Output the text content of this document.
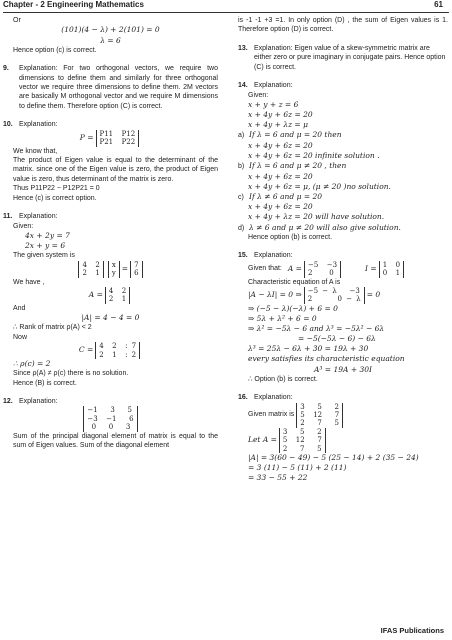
Chapter - 2 Engineering Mathematics	61
Or
(101)(4 − λ) + 2(101) = 0
λ = 6
Hence option (c) is correct.
9.	Explanation: For two orthogonal vectors, we require two dimensions to define them and similarly for three orthogonal vector we require three dimensions to define them. 2M vectors are basically M orthogonal vector and we require M dimensions to define them. Therefore option (C) is correct.

10. Explanation:
P = P11  P12
P21  P22
We know that,

The product of Eigen value is equal to the determinant of the matrix. since one of the Eigen value is zero, the product of Eigen value is zero, thus determinant of the matrix is zero.

Thus P11P22 − P12P21 = 0
Hence (c) is correct option.
11. Explanation:
Given:
4x + 2y = 7
2x + y = 6
The given system is
4  2
2  1
x
y
= 7
6
We have ,
A = 4  2
2  1
And
|A| = 4 − 4 = 0
∴ Rank of matrix ρ(A) < 2
Now
C = 4  2  : 7
2  1  : 2
∴ ρ(c) = 2
Since ρ(A) ≠ ρ(c) there is no solution.
Hence (B) is correct.
12. Explanation:
−1   3   5
−3  −1   6
0   0   3

Sum of the principal diagonal element of matrix is equal to the sum of Eigen values. Sum of the diagonal element

is -1 -1 +3 =1. In only option (D) , the sum of Eigen values is 1. Therefore option (D) is correct.

13. Explanation: Eigen value of a skew-symmetric matrix are either zero or pure imaginary in conjugate pairs. Hence option (C) is correct.

14. Explanation:
Given:
x + y + z = 6
x + 4y + 6z = 20
x + 4y + λz = μ
a) If λ = 6 and μ = 20 then
x + 4y + 6z = 20
x + 4y + 6z = 20 infinite solution .
b) If λ = 6 and μ ≠ 20 , then
x + 4y + 6z = 20
x + 4y + 6z = μ, (μ ≠ 20 )no solution.
c) If λ ≠ 6 and μ = 20
x + 4y + 6z = 20
x + 4y + λz = 20 will have solution.
d) λ ≠ 6 and μ ≠ 20 will also give solution.
Hence option (b) is correct.
15. Explanation:
Given that: A = −5  −3
2    0
I = 1  0
0  1
Characteristic equation of A is
|A − λI| = 0 ⇒ −5 − λ   −3
2      0 − λ
= 0
⇒ (−5 − λ)(−λ) + 6 = 0
⇒ 5λ + λ² + 6 = 0
⇒ λ² = −5λ − 6 and λ³ = −5λ² − 6λ
= −5(−5λ − 6) − 6λ
λ³ = 25λ − 6λ + 30 = 19λ + 30
every satisfies its characteristic equation
A³ = 19A + 30I
∴ Option (b) is correct.
16. Explanation:
Given matrix is
3   5   2
5  12   7
2   7   5
Let A =
3   5   2
5  12   7
2   7   5
|A| = 3(60 − 49) − 5 (25 − 14) + 2 (35 − 24)
= 3 (11) − 5 (11) + 2 (11)
= 33 − 55 + 22
IFAS Publications
